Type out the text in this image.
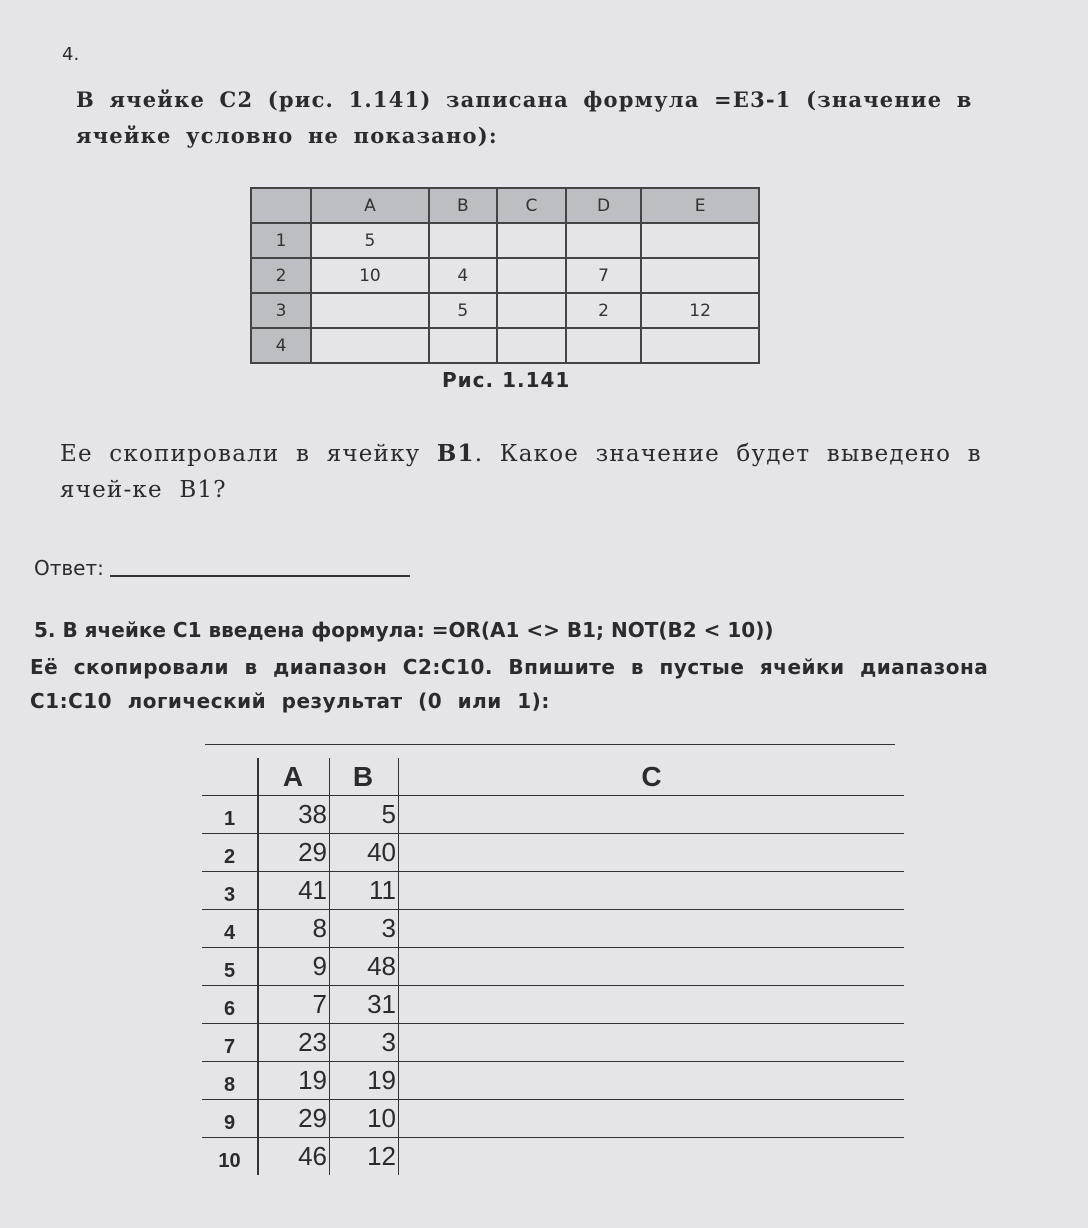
4.
В ячейке С2 (рис. 1.141) записана формула =E3-1 (значение в ячейке условно не показано):
	A	B	C	D	E
1	5				
2	10	4		7	
3		5		2	12
4					
Рис. 1.141
Ее скопировали в ячейку B1. Какое значение будет выведено в ячей-ке В1?
Ответ:
5. В ячейке С1 введена формула: =OR(A1 <> B1; NOT(B2 < 10))
Её скопировали в диапазон С2:С10. Впишите в пустые ячейки диапазона С1:С10 логический результат (0 или 1):
	A	B	C
1	38	5	
2	29	40	
3	41	11	
4	8	3	
5	9	48	
6	7	31	
7	23	3	
8	19	19	
9	29	10	
10	46	12	
